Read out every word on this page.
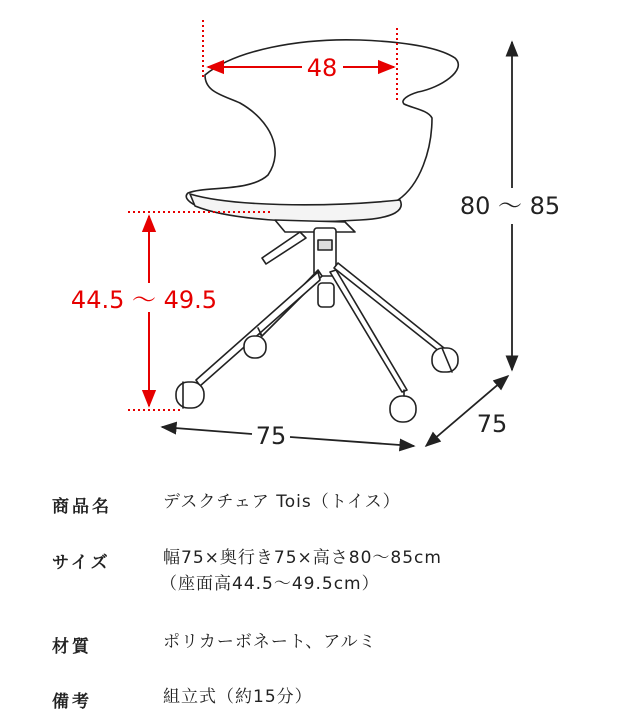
48
80 ～ 85
44.5 ～ 49.5
75	75
商品名	デスクチェア Tois（トイス）
サイズ	幅75×奥行き75×高さ80～85cm
（座面高44.5～49.5cm）
材質	ポリカーボネート、アルミ
備考	組立式（約15分）
